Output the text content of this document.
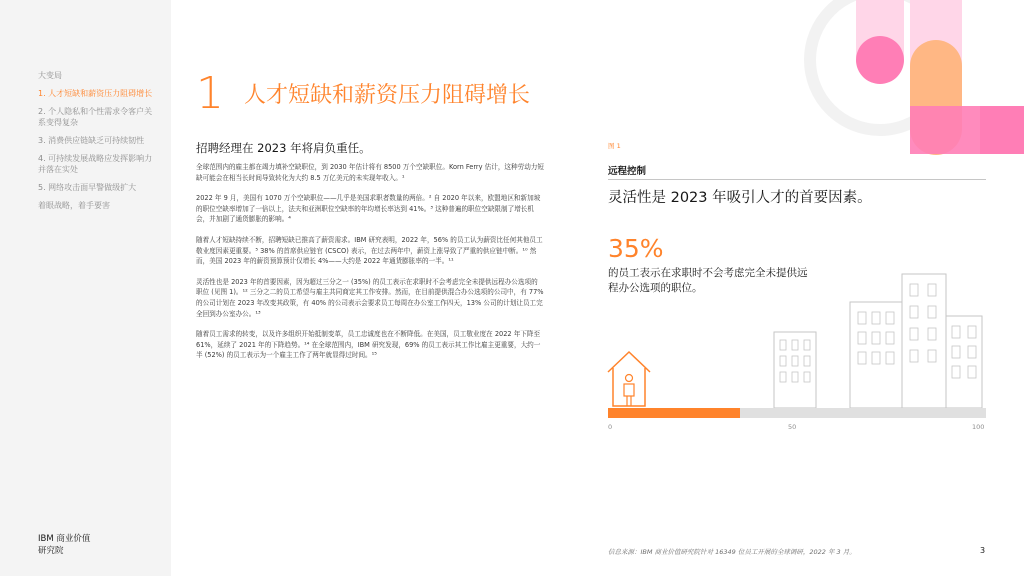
大变局
1. 人才短缺和薪资压力阻碍增长
2. 个人隐私和个性需求令客户关系变得复杂
3. 消费供应链缺乏可持续韧性
4. 可持续发展战略应发挥影响力并落在实处
5. 网络攻击面早警做级扩大
着眼战略，着手要害
IBM 商业价值
研究院
1 人才短缺和薪资压力阻碍增长
招聘经理在 2023 年将肩负重任。

全球范围内的雇主都在竭力填补空缺职位，到 2030 年估计将有 8500 万个空缺职位。Korn Ferry 估计，这种劳动力短缺可能会在相当长时间导致转化为大约 8.5 万亿美元的未实现年收入。¹

2022 年 9 月，美国有 1070 万个空缺职位——几乎是美国求职者数量的两倍。² 自 2020 年以来，欧盟地区和新加坡的职位空缺率增加了一倍以上，法夫和亚洲职位空缺率的年均增长率达到 41%。³ 这种普遍的职位空缺限制了增长机会，并加剧了通货膨胀的影响。⁴

随着人才短缺持续不断，招聘短缺已推高了薪资需求。IBM 研究表明，2022 年，56% 的员工认为薪资比任何其他员工敬业度因素更重要。⁵ 38% 的首席供应链官 (CSCO) 表示，在过去两年中，薪资上涨导致了严重的供应链中断。¹⁰ 然而，美国 2023 年的薪资预算预计仅增长 4%——大约是 2022 年通货膨胀率的一半。¹¹

灵活性也是 2023 年的首要因素，因为超过三分之一 (35%) 的员工表示在求职时不会考虑完全未提供远程办公选项的职位 (见图 1)。¹² 三分之二的员工希望与雇主共同商定其工作安排。然而，在目前提供混合办公选项的公司中，有 77% 的公司计划在 2023 年改变其政策，有 40% 的公司表示会要求员工每周在办公室工作四天，13% 公司的计划让员工完全回到办公室办公。¹³

随着员工需求的转变，以及许多组织开始抵制变革，员工忠诚度也在不断降低。在美国，员工敬业度在 2022 年下降至 61%，延续了 2021 年的下降趋势。¹⁴ 在全球范围内，IBM 研究发现，69% 的员工表示其工作比雇主更重要，大约一半 (52%) 的员工表示为一个雇主工作了两年就显得过时间。¹⁵

图 1
远程控制
灵活性是 2023 年吸引人才的首要因素。
35%
的员工表示在求职时不会考虑完全未提供远程办公选项的职位。
0	50	100
信息来源：IBM 商业价值研究院针对 16349 位员工开展的全球调研，2022 年 3 月。	3
